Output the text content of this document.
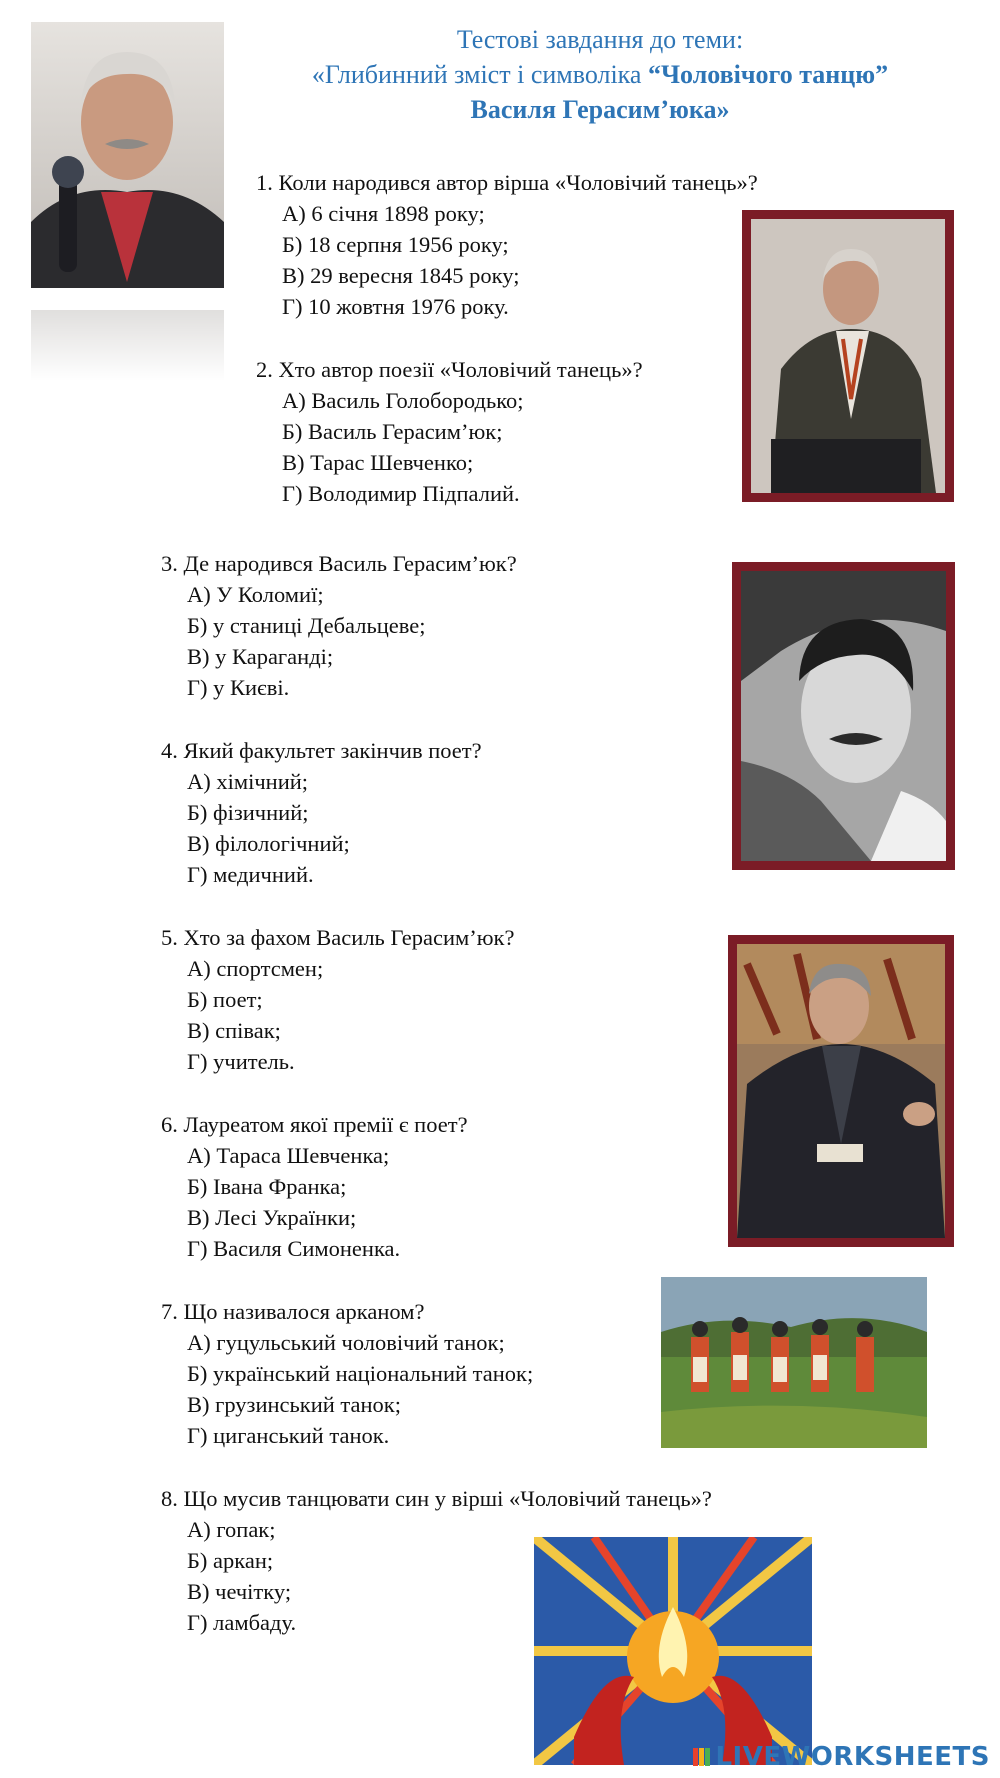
Тестові завдання до теми:
«Глибинний зміст і символіка “Чоловічого танцю”
Василя Герасим’юка»
1. Коли народився автор вірша «Чоловічий танець»?
А) 6 січня 1898 року;
Б) 18 серпня 1956 року;
В) 29 вересня 1845 року;
Г) 10 жовтня 1976 року.
2. Хто автор поезії «Чоловічий танець»?
А) Василь Голобородько;
Б) Василь Герасим’юк;
В) Тарас Шевченко;
Г) Володимир Підпалий.
3. Де народився Василь Герасим’юк?
А) У Коломиї;
Б) у станиці Дебальцеве;
В) у Караганді;
Г) у Києві.
4. Який факультет закінчив поет?
А) хімічний;
Б) фізичний;
В) філологічний;
Г) медичний.
5. Хто за фахом Василь Герасим’юк?
А) спортсмен;
Б) поет;
В) співак;
Г) учитель.
6. Лауреатом якої премії є поет?
А) Тараса Шевченка;
Б) Івана Франка;
В) Лесі Українки;
Г) Василя Симоненка.
7. Що називалося арканом?
А) гуцульський чоловічий танок;
Б) український національний танок;
В) грузинський танок;
Г) циганський танок.
8. Що мусив танцювати син у вірші «Чоловічий танець»?
А) гопак;
Б) аркан;
В) чечітку;
Г) ламбаду.
LIVEWORKSHEETS
